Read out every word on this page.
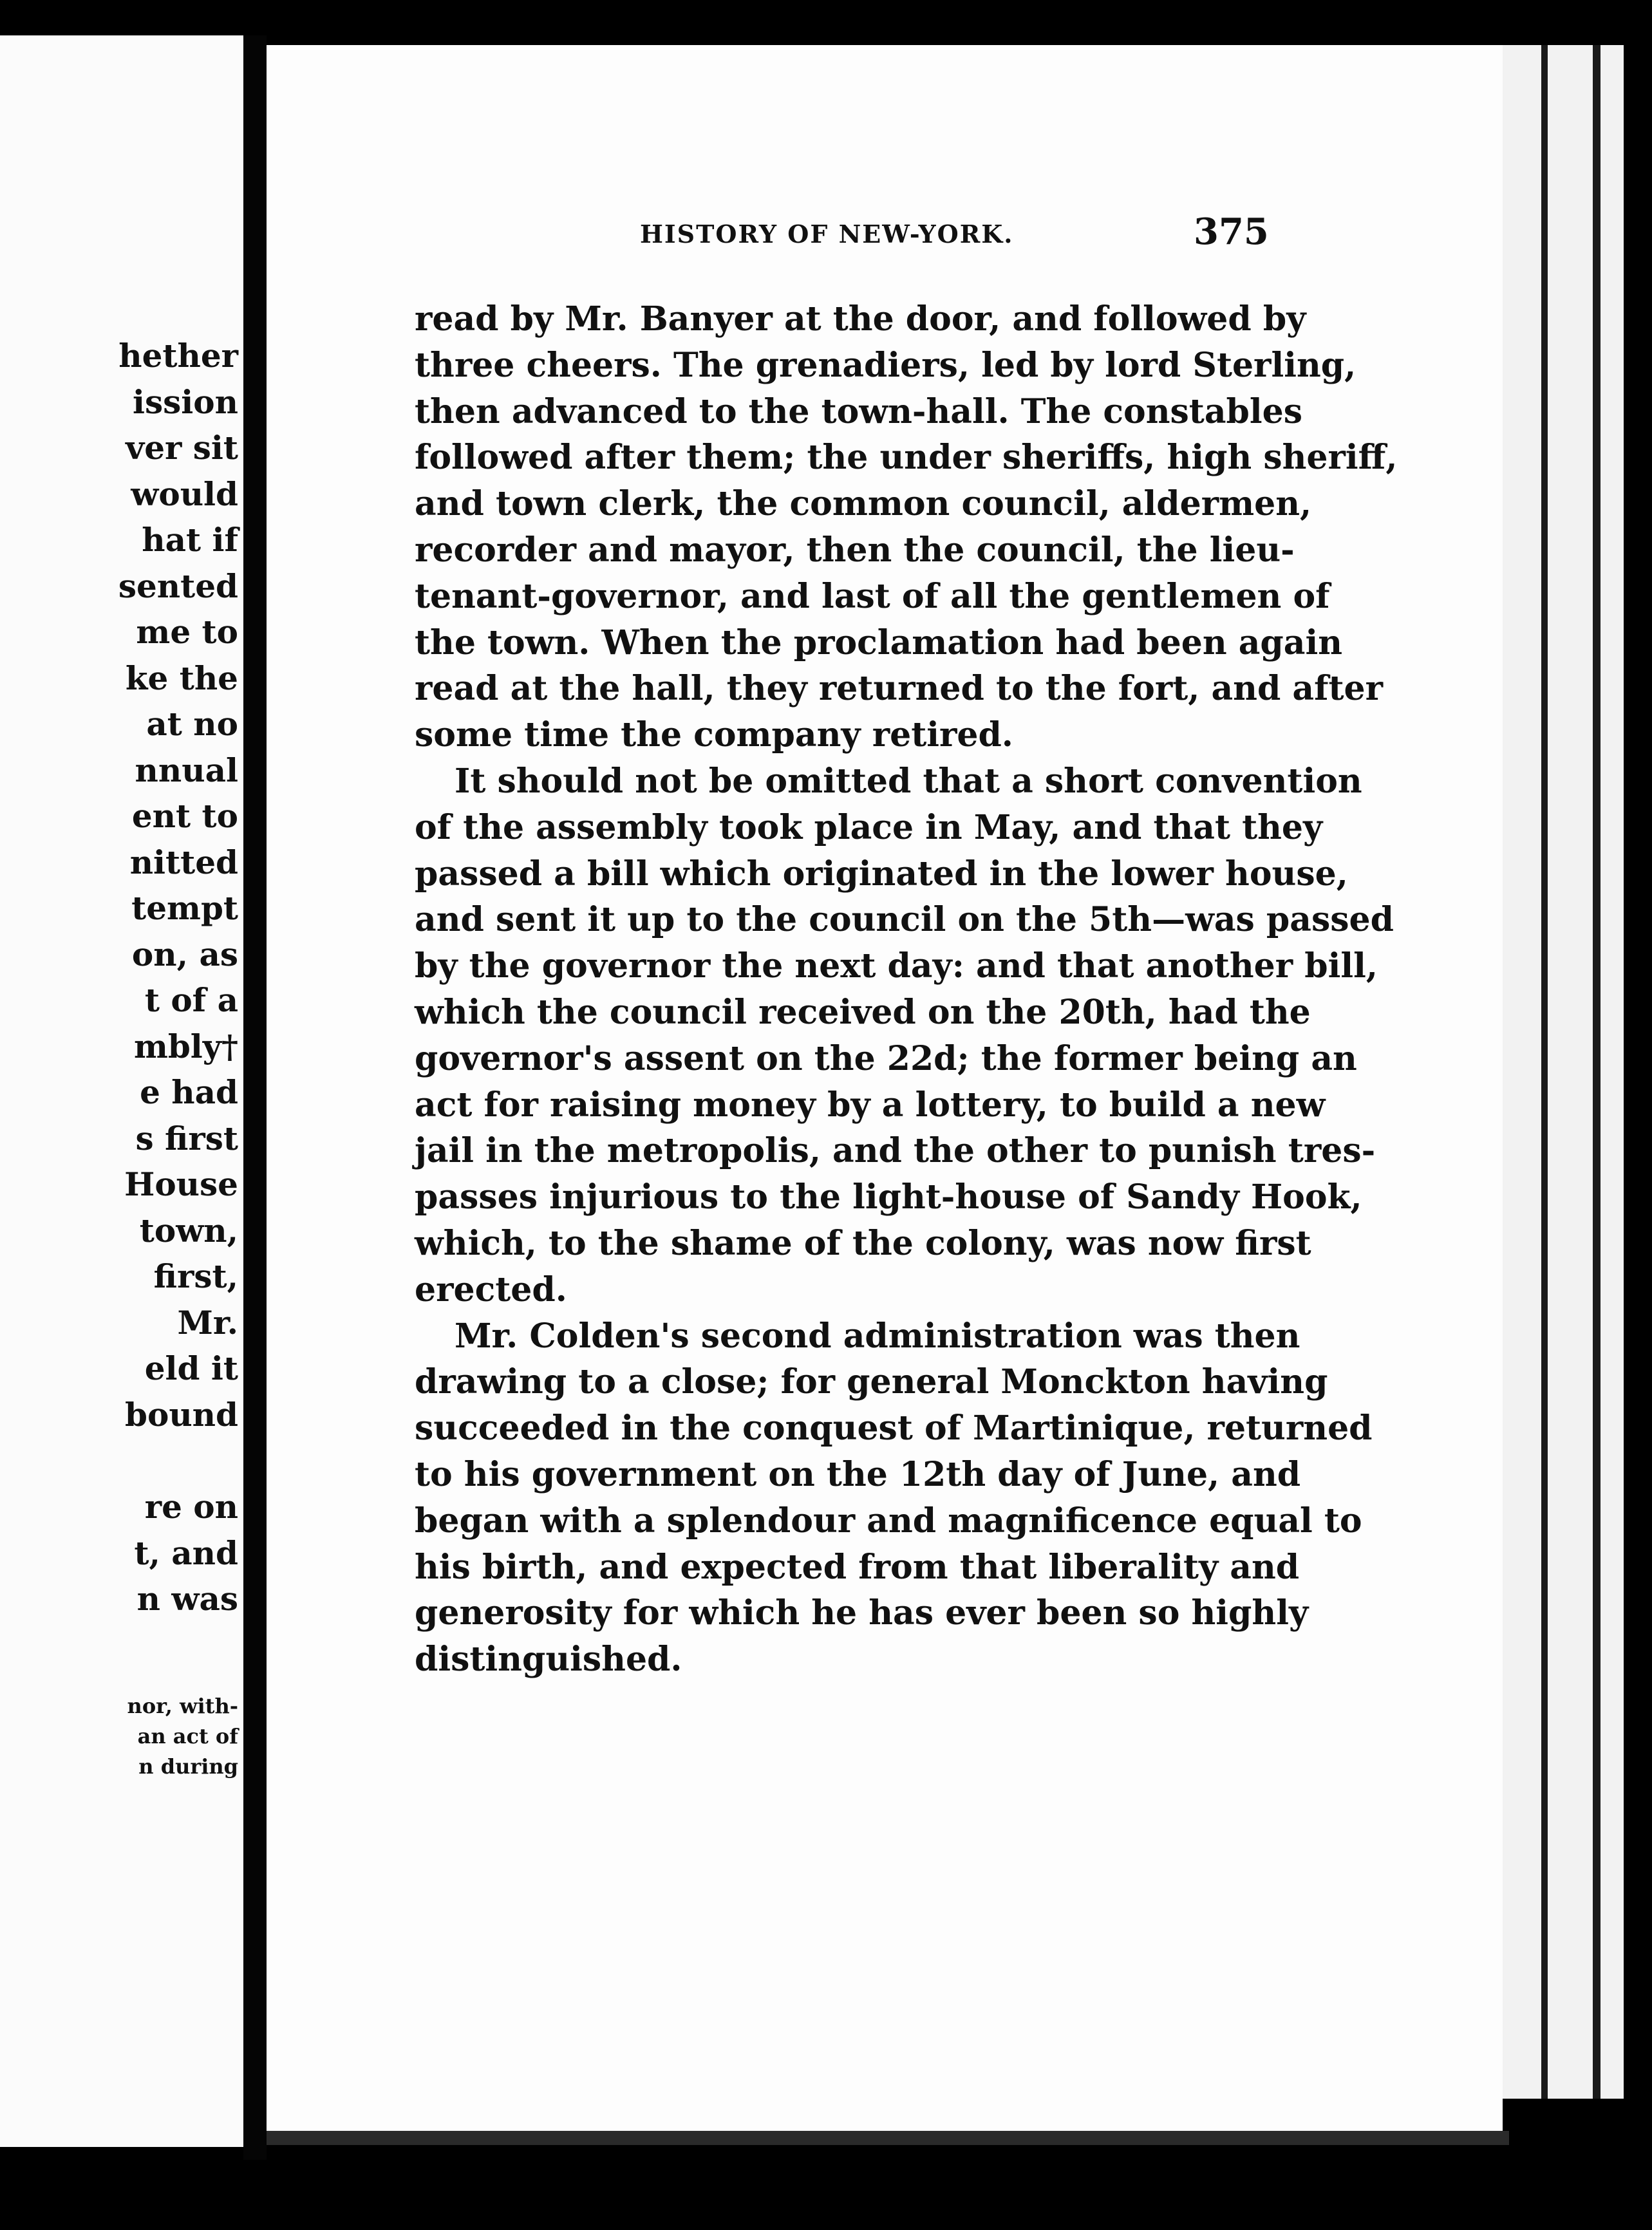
hether
ission
ver sit
would
hat if
sented
me to
ke the
at no
nnual
ent to
nitted
tempt
on, as
t of a
mbly†
e had
s first
House
town,
first,
Mr.
eld it
bound
re on
t, and
n was
nor, with-
an act of
n during
HISTORY OF NEW-YORK.	375
read by Mr. Banyer at the door, and followed by
three cheers. The grenadiers, led by lord Sterling,
then advanced to the town-hall. The constables
followed after them; the under sheriffs, high sheriff,
and town clerk, the common council, aldermen,
recorder and mayor, then the council, the lieu-
tenant-governor, and last of all the gentlemen of
the town. When the proclamation had been again
read at the hall, they returned to the fort, and after
some time the company retired.
It should not be omitted that a short convention
of the assembly took place in May, and that they
passed a bill which originated in the lower house,
and sent it up to the council on the 5th—was passed
by the governor the next day: and that another bill,
which the council received on the 20th, had the
governor's assent on the 22d; the former being an
act for raising money by a lottery, to build a new
jail in the metropolis, and the other to punish tres-
passes injurious to the light-house of Sandy Hook,
which, to the shame of the colony, was now first
erected.
Mr. Colden's second administration was then
drawing to a close; for general Monckton having
succeeded in the conquest of Martinique, returned
to his government on the 12th day of June, and
began with a splendour and magnificence equal to
his birth, and expected from that liberality and
generosity for which he has ever been so highly
distinguished.
